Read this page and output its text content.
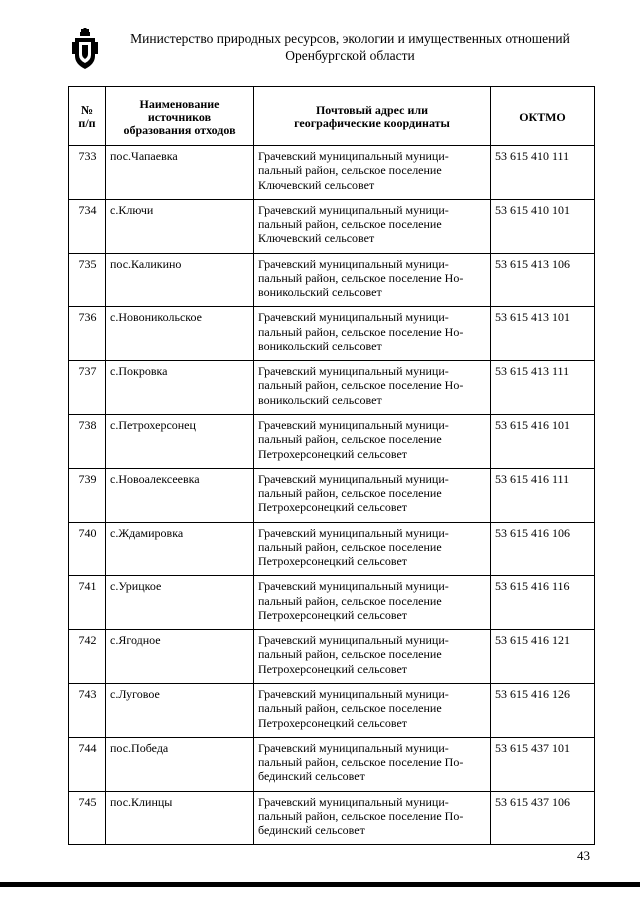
Министерство природных ресурсов, экологии и имущественных отношений
Оренбургской области
№ п/п	Наименование источников образования отходов	Почтовый адрес или географические координаты	ОКТМО
733	пос.Чапаевка	Грачевский муниципальный муници-
пальный район, сельское поселение
Ключевский сельсовет	53 615 410 111
734	с.Ключи	Грачевский муниципальный муници-
пальный район, сельское поселение
Ключевский сельсовет	53 615 410 101
735	пос.Каликино	Грачевский муниципальный муници-
пальный район, сельское поселение Но-
воникольский сельсовет	53 615 413 106
736	с.Новоникольское	Грачевский муниципальный муници-
пальный район, сельское поселение Но-
воникольский сельсовет	53 615 413 101
737	с.Покровка	Грачевский муниципальный муници-
пальный район, сельское поселение Но-
воникольский сельсовет	53 615 413 111
738	с.Петрохерсонец	Грачевский муниципальный муници-
пальный район, сельское поселение
Петрохерсонецкий сельсовет	53 615 416 101
739	с.Новоалексеевка	Грачевский муниципальный муници-
пальный район, сельское поселение
Петрохерсонецкий сельсовет	53 615 416 111
740	с.Ждамировка	Грачевский муниципальный муници-
пальный район, сельское поселение
Петрохерсонецкий сельсовет	53 615 416 106
741	с.Урицкое	Грачевский муниципальный муници-
пальный район, сельское поселение
Петрохерсонецкий сельсовет	53 615 416 116
742	с.Ягодное	Грачевский муниципальный муници-
пальный район, сельское поселение
Петрохерсонецкий сельсовет	53 615 416 121
743	с.Луговое	Грачевский муниципальный муници-
пальный район, сельское поселение
Петрохерсонецкий сельсовет	53 615 416 126
744	пос.Победа	Грачевский муниципальный муници-
пальный район, сельское поселение По-
бединский сельсовет	53 615 437 101
745	пос.Клинцы	Грачевский муниципальный муници-
пальный район, сельское поселение По-
бединский сельсовет	53 615 437 106
43
